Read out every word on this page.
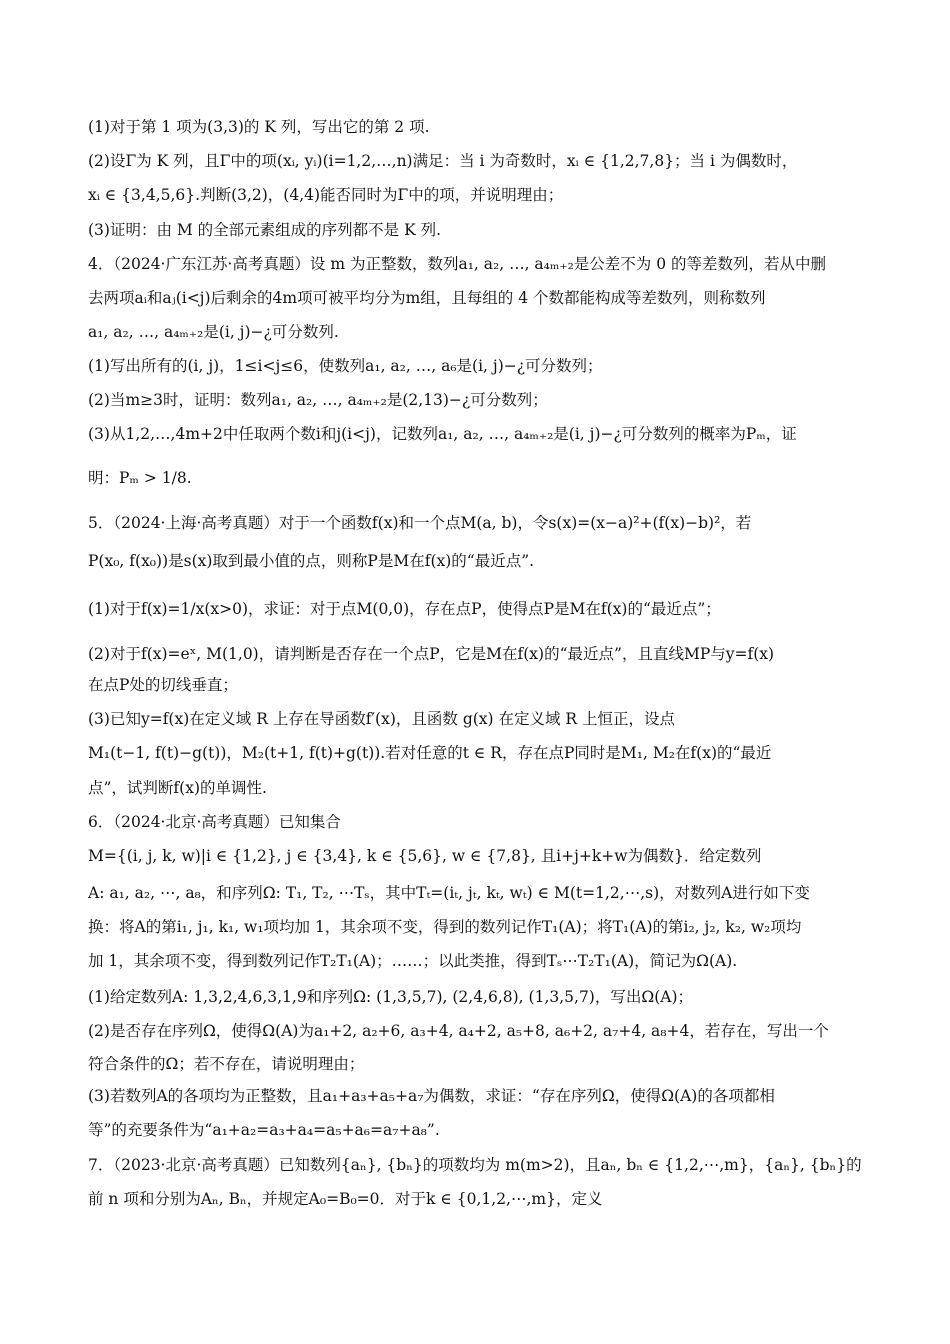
(1)对于第 1 项为(3,3)的 K 列，写出它的第 2 项.
(2)设Γ为 K 列，且Γ中的项(xᵢ, yᵢ)(i=1,2,…,n)满足：当 i 为奇数时，xᵢ ∈ {1,2,7,8}；当 i 为偶数时，
xᵢ ∈ {3,4,5,6}.判断(3,2)，(4,4)能否同时为Γ中的项，并说明理由；
(3)证明：由 M 的全部元素组成的序列都不是 K 列.
4．（2024·广东江苏·高考真题）设 m 为正整数，数列a₁, a₂, …, a₄ₘ₊₂是公差不为 0 的等差数列，若从中删
去两项aᵢ和aⱼ(i<j)后剩余的4m项可被平均分为m组，且每组的 4 个数都能构成等差数列，则称数列
a₁, a₂, …, a₄ₘ₊₂是(i, j)−¿可分数列.
(1)写出所有的(i, j)，1≤i<j≤6，使数列a₁, a₂, …, a₆是(i, j)−¿可分数列；
(2)当m≥3时，证明：数列a₁, a₂, …, a₄ₘ₊₂是(2,13)−¿可分数列；
(3)从1,2,…,4m+2中任取两个数i和j(i<j)，记数列a₁, a₂, …, a₄ₘ₊₂是(i, j)−¿可分数列的概率为Pₘ，证
明：Pₘ > 1/8.
5．（2024·上海·高考真题）对于一个函数f(x)和一个点M(a, b)，令s(x)=(x−a)²+(f(x)−b)²，若
P(x₀, f(x₀))是s(x)取到最小值的点，则称P是M在f(x)的“最近点”.
(1)对于f(x)=1/x(x>0)，求证：对于点M(0,0)，存在点P，使得点P是M在f(x)的“最近点”；
(2)对于f(x)=eˣ, M(1,0)，请判断是否存在一个点P，它是M在f(x)的“最近点”，且直线MP与y=f(x)
在点P处的切线垂直；
(3)已知y=f(x)在定义域 R 上存在导函数f′(x)，且函数 g(x) 在定义域 R 上恒正，设点
M₁(t−1, f(t)−g(t))，M₂(t+1, f(t)+g(t)).若对任意的t ∈ R，存在点P同时是M₁, M₂在f(x)的“最近
点”，试判断f(x)的单调性.
6．（2024·北京·高考真题）已知集合
M={(i, j, k, w)|i ∈ {1,2}, j ∈ {3,4}, k ∈ {5,6}, w ∈ {7,8}, 且i+j+k+w为偶数}．给定数列
A: a₁, a₂, ⋯, a₈，和序列Ω: T₁, T₂, ⋯Tₛ，其中Tₜ=(iₜ, jₜ, kₜ, wₜ) ∈ M(t=1,2,⋯,s)，对数列A进行如下变
换：将A的第i₁, j₁, k₁, w₁项均加 1，其余项不变，得到的数列记作T₁(A)；将T₁(A)的第i₂, j₂, k₂, w₂项均
加 1，其余项不变，得到数列记作T₂T₁(A)；……；以此类推，得到Tₛ⋯T₂T₁(A)，简记为Ω(A).
(1)给定数列A: 1,3,2,4,6,3,1,9和序列Ω: (1,3,5,7), (2,4,6,8), (1,3,5,7)，写出Ω(A)；
(2)是否存在序列Ω，使得Ω(A)为a₁+2, a₂+6, a₃+4, a₄+2, a₅+8, a₆+2, a₇+4, a₈+4，若存在，写出一个
符合条件的Ω；若不存在，请说明理由；
(3)若数列A的各项均为正整数，且a₁+a₃+a₅+a₇为偶数，求证：“存在序列Ω，使得Ω(A)的各项都相
等”的充要条件为“a₁+a₂=a₃+a₄=a₅+a₆=a₇+a₈”.
7．（2023·北京·高考真题）已知数列{aₙ}, {bₙ}的项数均为 m(m>2)，且aₙ, bₙ ∈ {1,2,⋯,m}，{aₙ}, {bₙ}的
前 n 项和分别为Aₙ, Bₙ，并规定A₀=B₀=0．对于k ∈ {0,1,2,⋯,m}，定义
